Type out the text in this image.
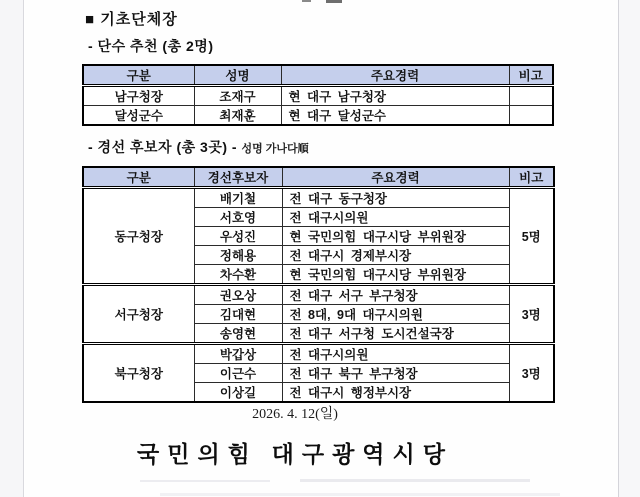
■ 기초단체장
- 단수 추천 (총 2명)
구분	성명	주요경력	비고
남구청장	조재구	현 대구 남구청장	
달성군수	최재훈	현 대구 달성군수	
- 경선 후보자 (총 3곳) - 성명 가나다順
구분	경선후보자	주요경력	비고
동구청장	배기철	전 대구 동구청장	5명
	서호영	전 대구시의원	
	우성진	현 국민의힘 대구시당 부위원장	
	정해용	전 대구시 경제부시장	
	차수환	현 국민의힘 대구시당 부위원장	
서구청장	권오상	전 대구 서구 부구청장	3명
	김대현	전 8대, 9대 대구시의원	
	송영현	전 대구 서구청 도시건설국장	
북구청장	박갑상	전 대구시의원	3명
	이근수	전 대구 북구 부구청장	
	이상길	전 대구시 행정부시장	
2026. 4. 12(일)
국민의힘 대구광역시당
